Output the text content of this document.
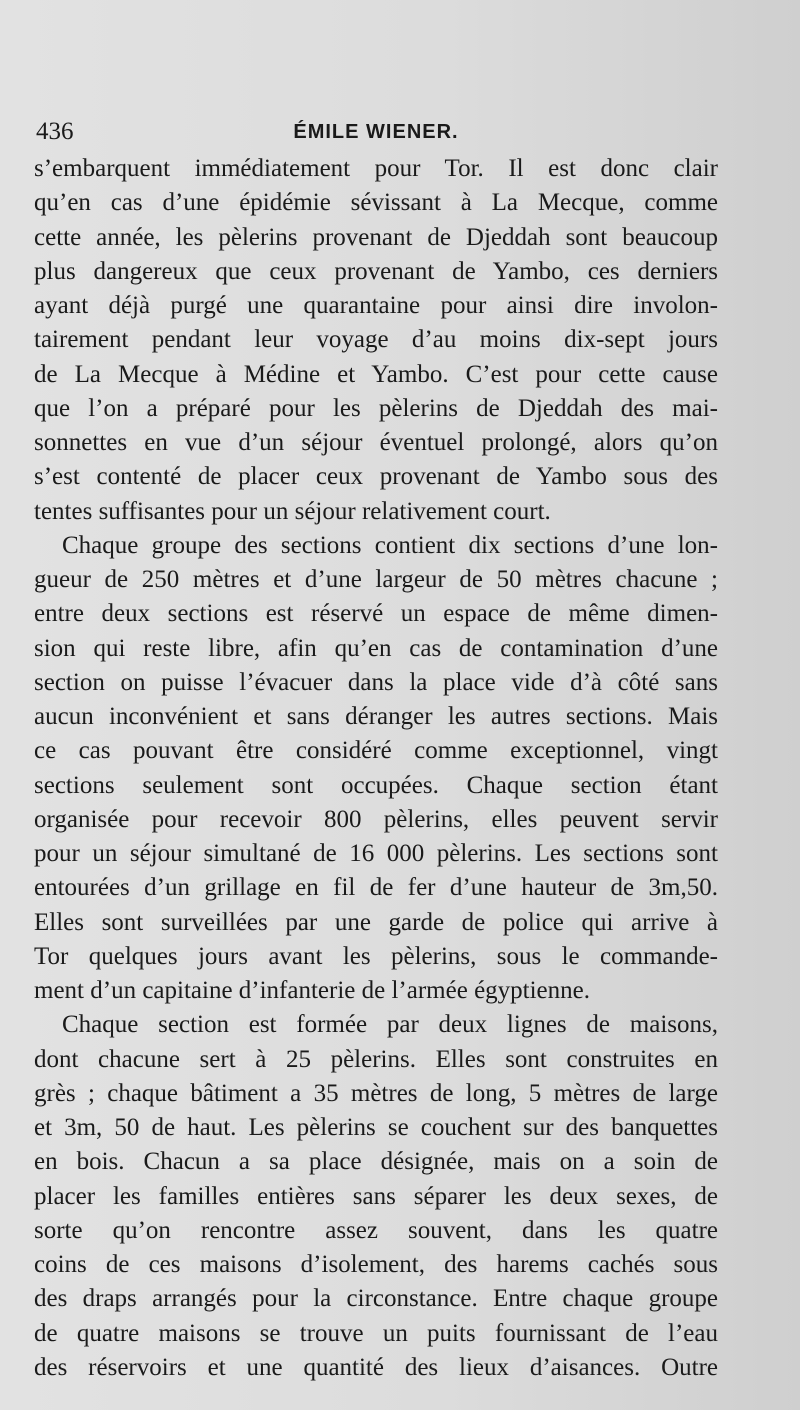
436	ÉMILE WIENER.
s’embarquent immédiatement pour Tor. Il est donc clair
qu’en cas d’une épidémie sévissant à La Mecque, comme
cette année, les pèlerins provenant de Djeddah sont beaucoup
plus dangereux que ceux provenant de Yambo, ces derniers
ayant déjà purgé une quarantaine pour ainsi dire involon-
tairement pendant leur voyage d’au moins dix-sept jours
de La Mecque à Médine et Yambo. C’est pour cette cause
que l’on a préparé pour les pèlerins de Djeddah des mai-
sonnettes en vue d’un séjour éventuel prolongé, alors qu’on
s’est contenté de placer ceux provenant de Yambo sous des
tentes suffisantes pour un séjour relativement court.
Chaque groupe des sections contient dix sections d’une lon-
gueur de 250 mètres et d’une largeur de 50 mètres chacune ;
entre deux sections est réservé un espace de même dimen-
sion qui reste libre, afin qu’en cas de contamination d’une
section on puisse l’évacuer dans la place vide d’à côté sans
aucun inconvénient et sans déranger les autres sections. Mais
ce cas pouvant être considéré comme exceptionnel, vingt
sections seulement sont occupées. Chaque section étant
organisée pour recevoir 800 pèlerins, elles peuvent servir
pour un séjour simultané de 16 000 pèlerins. Les sections sont
entourées d’un grillage en fil de fer d’une hauteur de 3m,50.
Elles sont surveillées par une garde de police qui arrive à
Tor quelques jours avant les pèlerins, sous le commande-
ment d’un capitaine d’infanterie de l’armée égyptienne.
Chaque section est formée par deux lignes de maisons,
dont chacune sert à 25 pèlerins. Elles sont construites en
grès ; chaque bâtiment a 35 mètres de long, 5 mètres de large
et 3m, 50 de haut. Les pèlerins se couchent sur des banquettes
en bois. Chacun a sa place désignée, mais on a soin de
placer les familles entières sans séparer les deux sexes, de
sorte qu’on rencontre assez souvent, dans les quatre
coins de ces maisons d’isolement, des harems cachés sous
des draps arrangés pour la circonstance. Entre chaque groupe
de quatre maisons se trouve un puits fournissant de l’eau
des réservoirs et une quantité des lieux d’aisances. Outre
